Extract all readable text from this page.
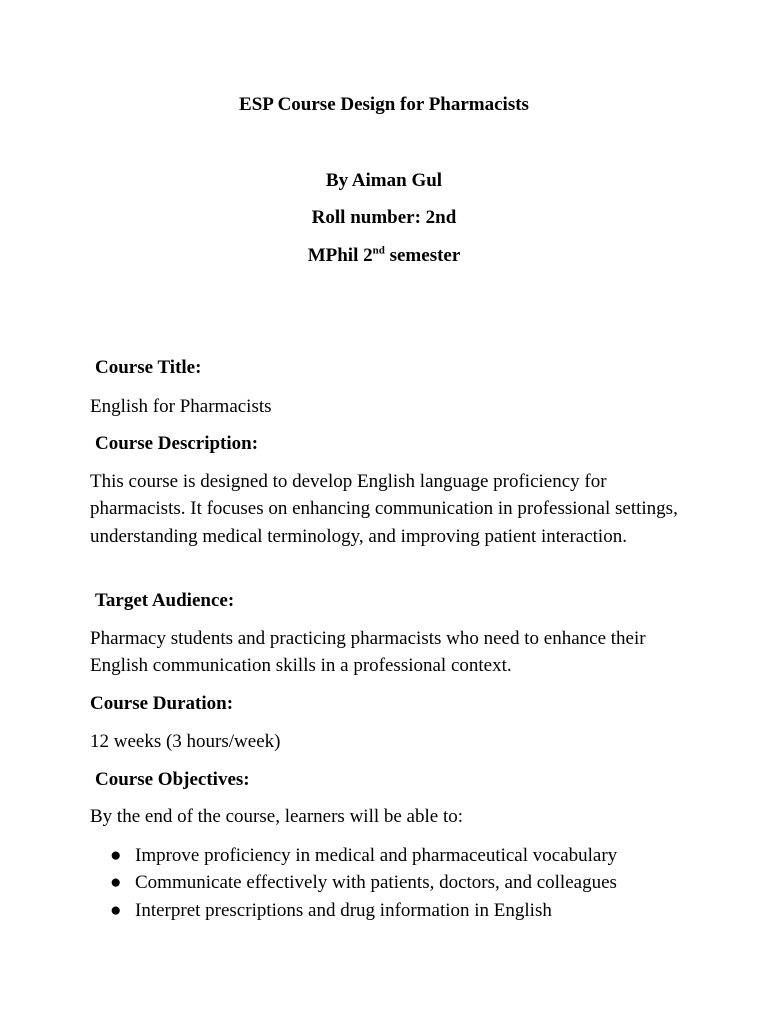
ESP Course Design for Pharmacists
By Aiman Gul
Roll number: 2nd
MPhil 2nd semester
Course Title:
English for Pharmacists
Course Description:
This course is designed to develop English language proficiency for pharmacists. It focuses on enhancing communication in professional settings, understanding medical terminology, and improving patient interaction.
Target Audience:
Pharmacy students and practicing pharmacists who need to enhance their English communication skills in a professional context.
Course Duration:
12 weeks (3 hours/week)
Course Objectives:
By the end of the course, learners will be able to:
● Improve proficiency in medical and pharmaceutical vocabulary
● Communicate effectively with patients, doctors, and colleagues
● Interpret prescriptions and drug information in English
